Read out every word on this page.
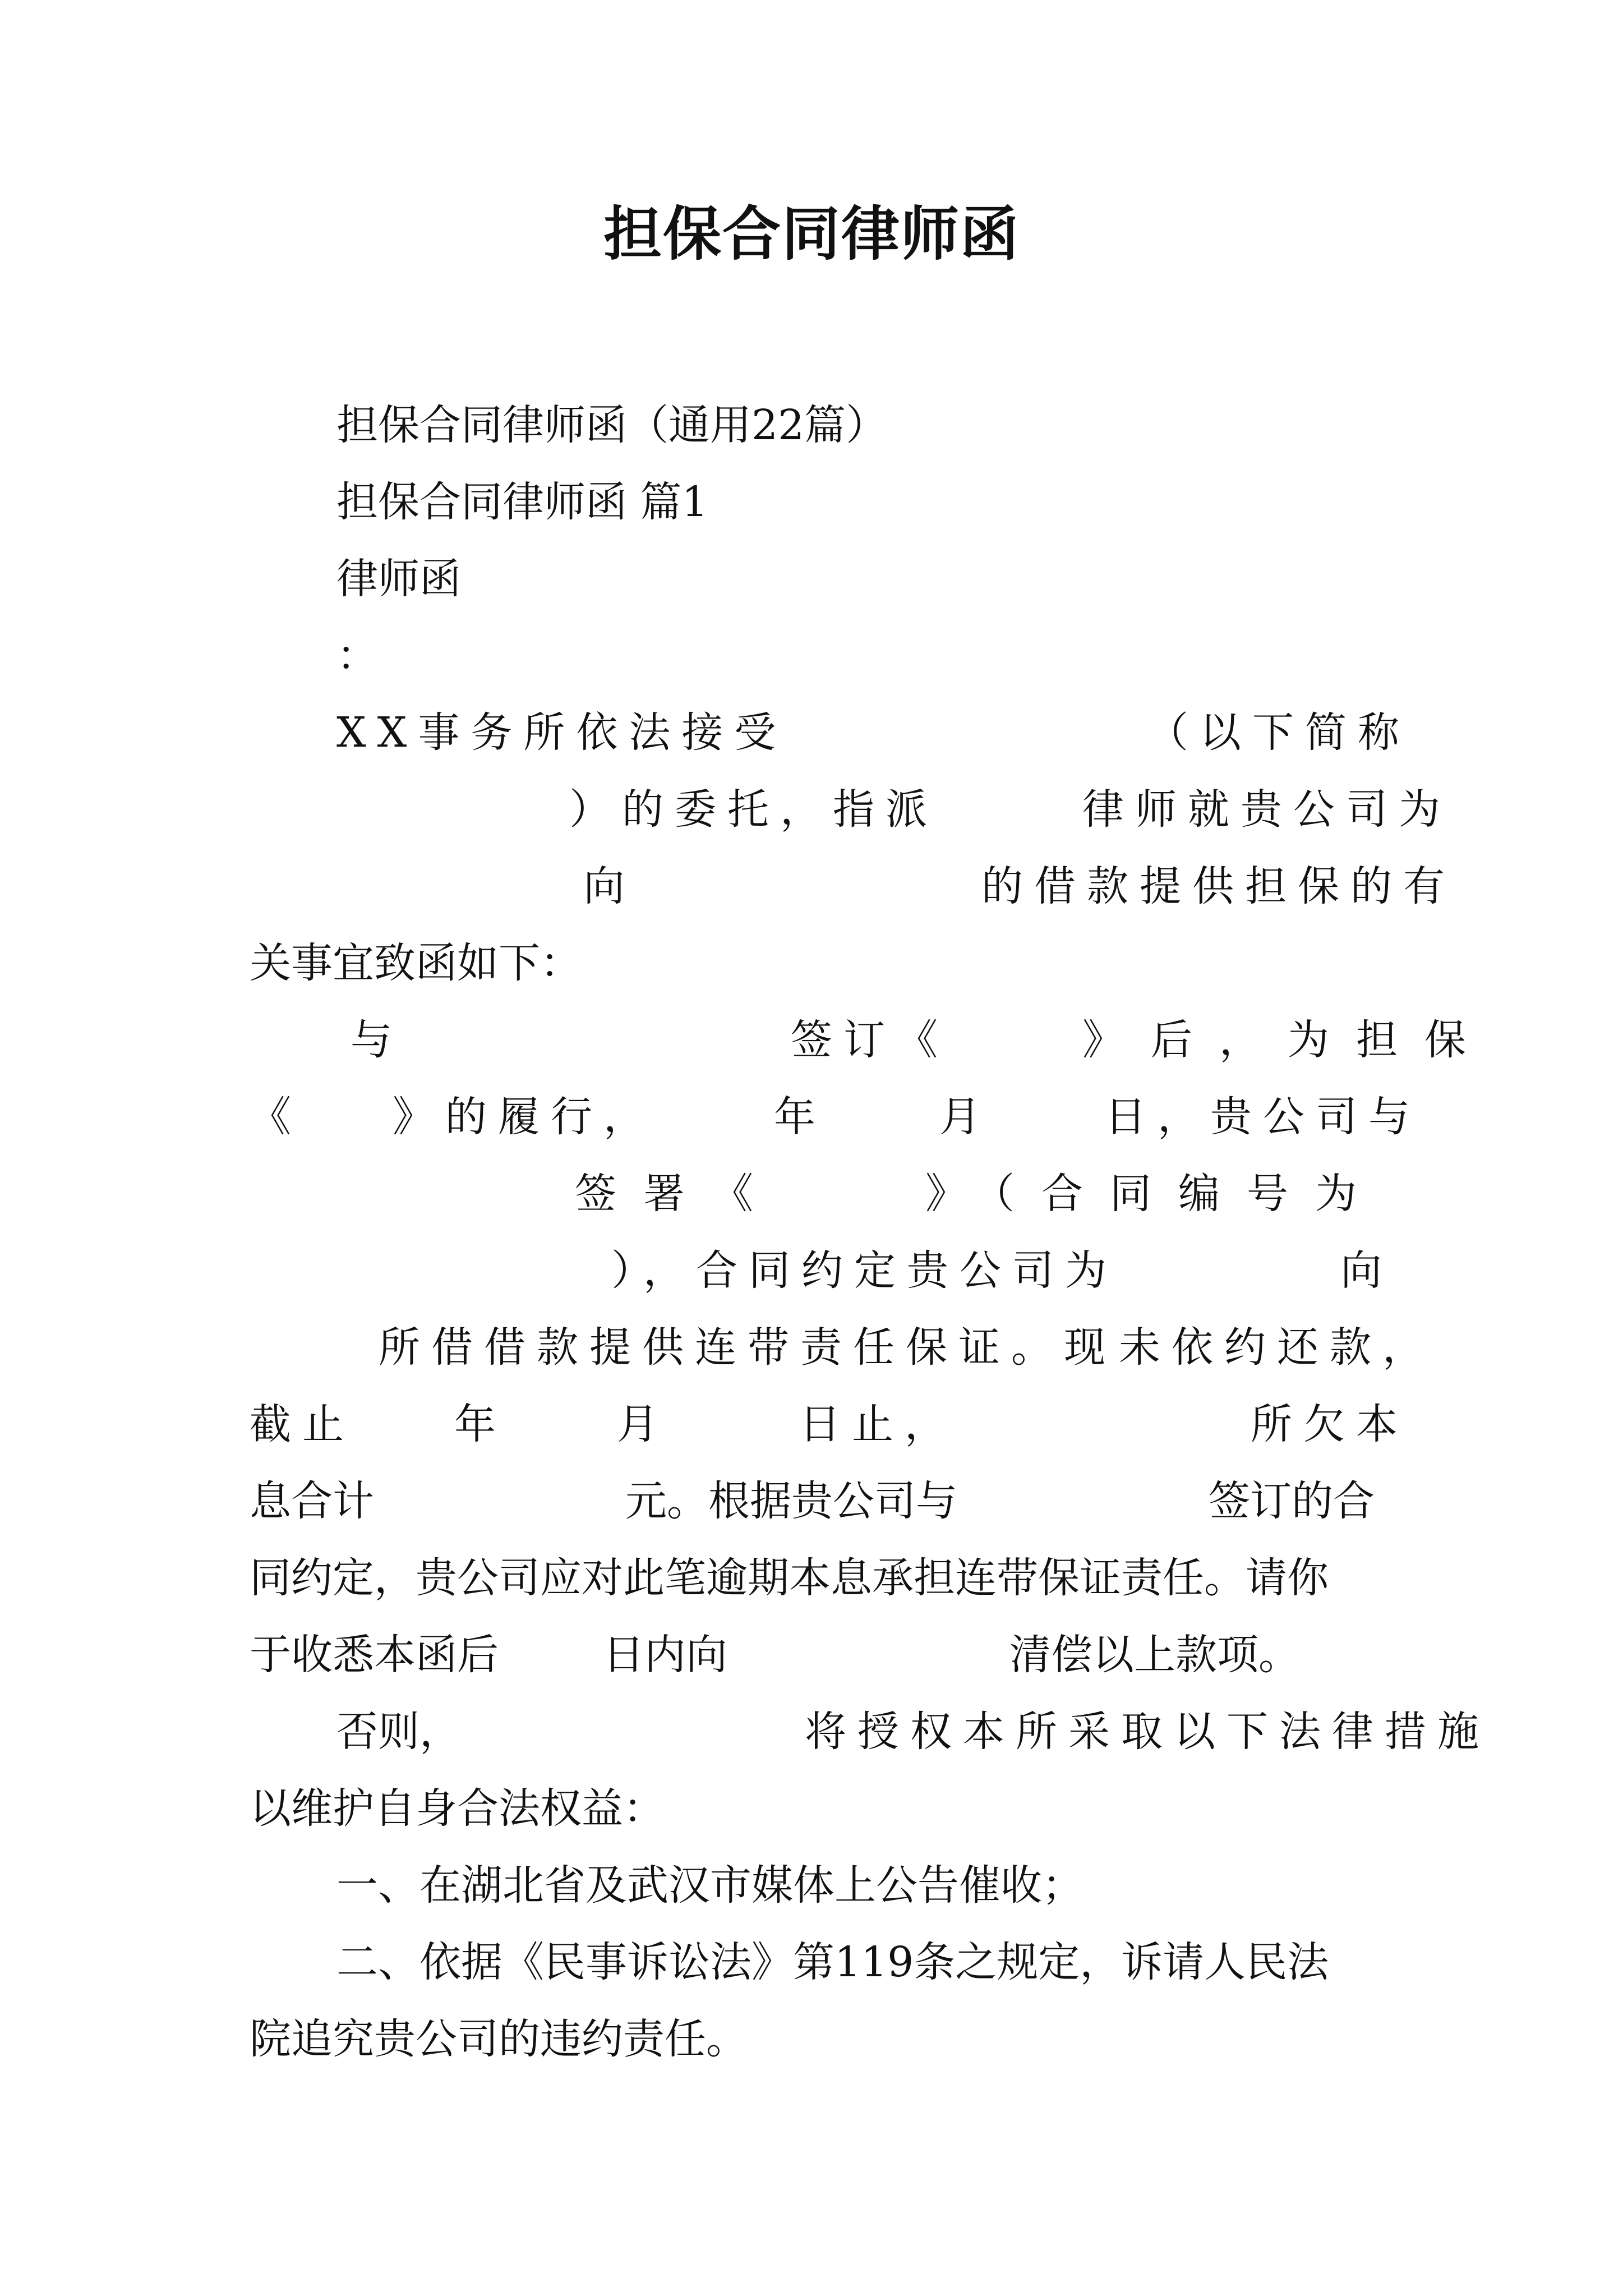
担保合同律师函
担保合同律师函（通用22篇）
担保合同律师函 篇1
律师函
：
XX事务所依法接受	（以下简称
）的委托，指派	律师就贵公司为
向	的借款提供担保的有
关事宜致函如下：
与	签订《	》后，为担保
《 》的履行，	年	月	日，贵公司与
签署《	》（合同编号为
），合同约定贵公司为	向
所借借款提供连带责任保证。现 未依约还款，
截止 年	月	日止，	所欠本
息合计	元。根据贵公司与	签订的合
同约定，贵公司应对此笔逾期本息承担连带保证责任。请你
于收悉本函后	日内向	清偿以上款项。
否则，	将授权本所采取以下法律措施
以维护自身合法权益：
一、在湖北省及武汉市媒体上公告催收；
二、依据《民事诉讼法》第119条之规定，诉请人民法
院追究贵公司的违约责任。
